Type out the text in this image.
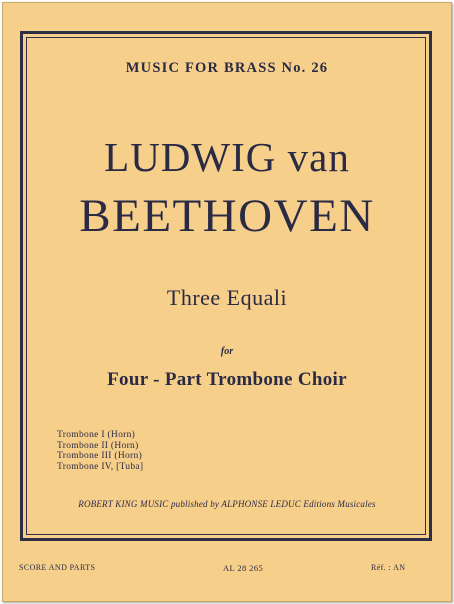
MUSIC FOR BRASS No. 26
LUDWIG van
BEETHOVEN
Three Equali
for
Four - Part Trombone Choir
Trombone I (Horn)
Trombone II (Horn)
Trombone III (Horn)
Trombone IV, [Tuba]
ROBERT KING MUSIC published by ALPHONSE LEDUC Editions Musicales
SCORE AND PARTS	AL 28 265	Réf. : AN
